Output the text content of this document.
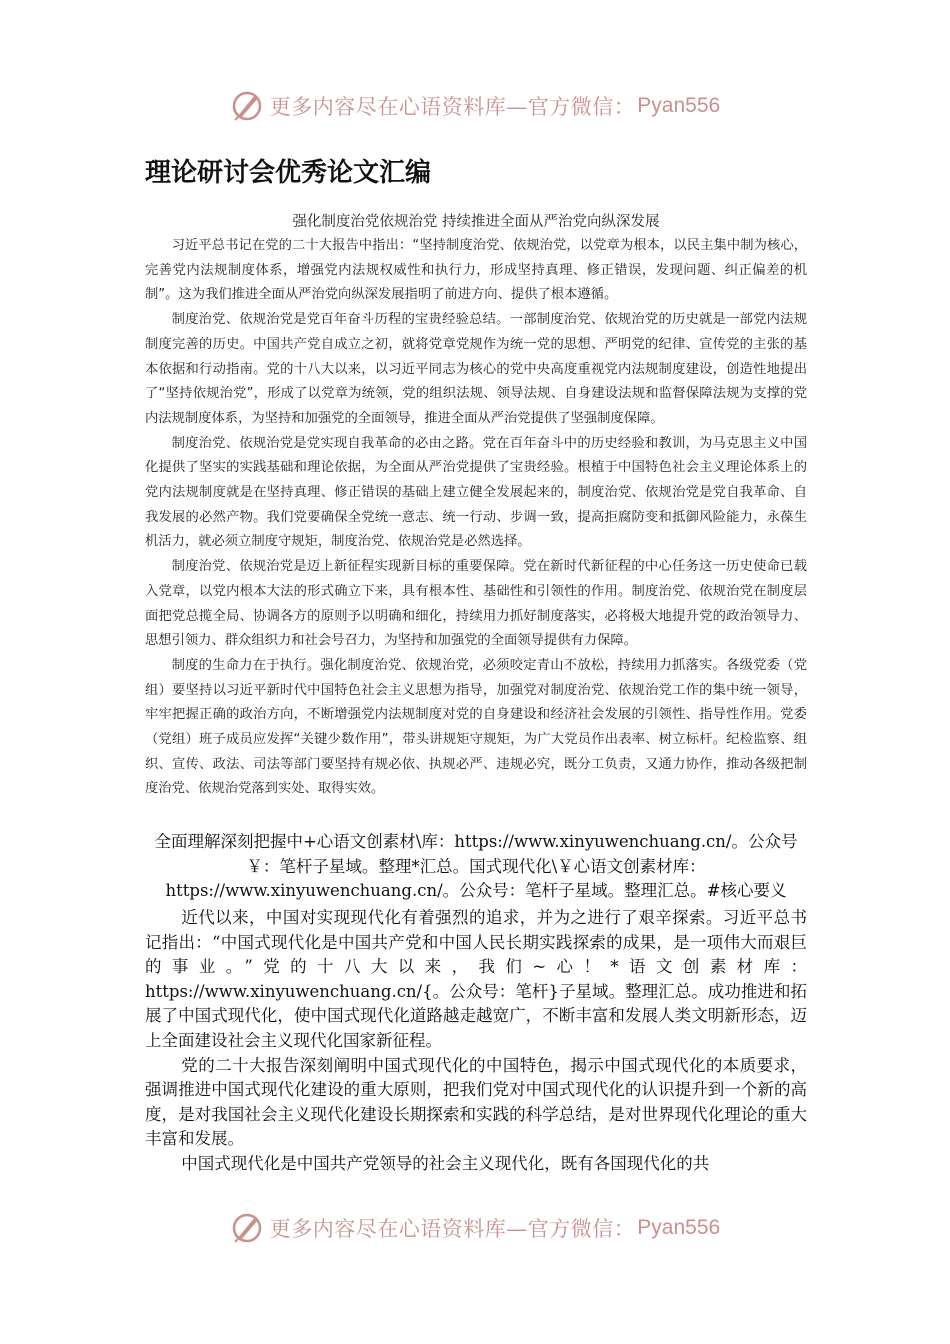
更多内容尽在心语资料库—官方微信： Pyan556
理论研讨会优秀论文汇编
强化制度治党依规治党 持续推进全面从严治党向纵深发展

习近平总书记在党的二十大报告中指出：“坚持制度治党、依规治党，以党章为根本，以民主集中制为核心，完善党内法规制度体系，增强党内法规权威性和执行力，形成坚持真理、修正错误，发现问题、纠正偏差的机制”。这为我们推进全面从严治党向纵深发展指明了前进方向、提供了根本遵循。

制度治党、依规治党是党百年奋斗历程的宝贵经验总结。一部制度治党、依规治党的历史就是一部党内法规制度完善的历史。中国共产党自成立之初，就将党章党规作为统一党的思想、严明党的纪律、宣传党的主张的基本依据和行动指南。党的十八大以来，以习近平同志为核心的党中央高度重视党内法规制度建设，创造性地提出了“坚持依规治党”，形成了以党章为统领，党的组织法规、领导法规、自身建设法规和监督保障法规为支撑的党内法规制度体系，为坚持和加强党的全面领导，推进全面从严治党提供了坚强制度保障。

制度治党、依规治党是党实现自我革命的必由之路。党在百年奋斗中的历史经验和教训，为马克思主义中国化提供了坚实的实践基础和理论依据，为全面从严治党提供了宝贵经验。根植于中国特色社会主义理论体系上的党内法规制度就是在坚持真理、修正错误的基础上建立健全发展起来的，制度治党、依规治党是党自我革命、自我发展的必然产物。我们党要确保全党统一意志、统一行动、步调一致，提高拒腐防变和抵御风险能力，永葆生机活力，就必须立制度守规矩，制度治党、依规治党是必然选择。

制度治党、依规治党是迈上新征程实现新目标的重要保障。党在新时代新征程的中心任务这一历史使命已载入党章，以党内根本大法的形式确立下来，具有根本性、基础性和引领性的作用。制度治党、依规治党在制度层面把党总揽全局、协调各方的原则予以明确和细化，持续用力抓好制度落实，必将极大地提升党的政治领导力、思想引领力、群众组织力和社会号召力，为坚持和加强党的全面领导提供有力保障。

制度的生命力在于执行。强化制度治党、依规治党，必须咬定青山不放松，持续用力抓落实。各级党委（党组）要坚持以习近平新时代中国特色社会主义思想为指导，加强党对制度治党、依规治党工作的集中统一领导，牢牢把握正确的政治方向，不断增强党内法规制度对党的自身建设和经济社会发展的引领性、指导性作用。党委（党组）班子成员应发挥“关键少数作用”，带头讲规矩守规矩，为广大党员作出表率、树立标杆。纪检监察、组织、宣传、政法、司法等部门要坚持有规必依、执规必严、违规必究，既分工负责，又通力协作，推动各级把制度治党、依规治党落到实处、取得实效。

全面理解深刻把握中+心语文创素材\库：https://www.xinyuwenchuang.cn/。公众号￥：笔杆子星域。整理*汇总。国式现代化\￥心语文创素材库：https://www.xinyuwenchuang.cn/。公众号：笔杆子星域。整理汇总。#核心要义

近代以来，中国对实现现代化有着强烈的追求，并为之进行了艰辛探索。习近平总书记指出：“中国式现代化是中国共产党和中国人民长期实践探索的成果，是一项伟大而艰巨的事业。”党的十八大以来，我们~心！*语文创素材库：https://www.xinyuwenchuang.cn/{。公众号：笔杆}子星域。整理汇总。成功推进和拓展了中国式现代化，使中国式现代化道路越走越宽广，不断丰富和发展人类文明新形态，迈上全面建设社会主义现代化国家新征程。

党的二十大报告深刻阐明中国式现代化的中国特色，揭示中国式现代化的本质要求，强调推进中国式现代化建设的重大原则，把我们党对中国式现代化的认识提升到一个新的高度，是对我国社会主义现代化建设长期探索和实践的科学总结，是对世界现代化理论的重大丰富和发展。

中国式现代化是中国共产党领导的社会主义现代化，既有各国现代化的共

更多内容尽在心语资料库—官方微信： Pyan556
